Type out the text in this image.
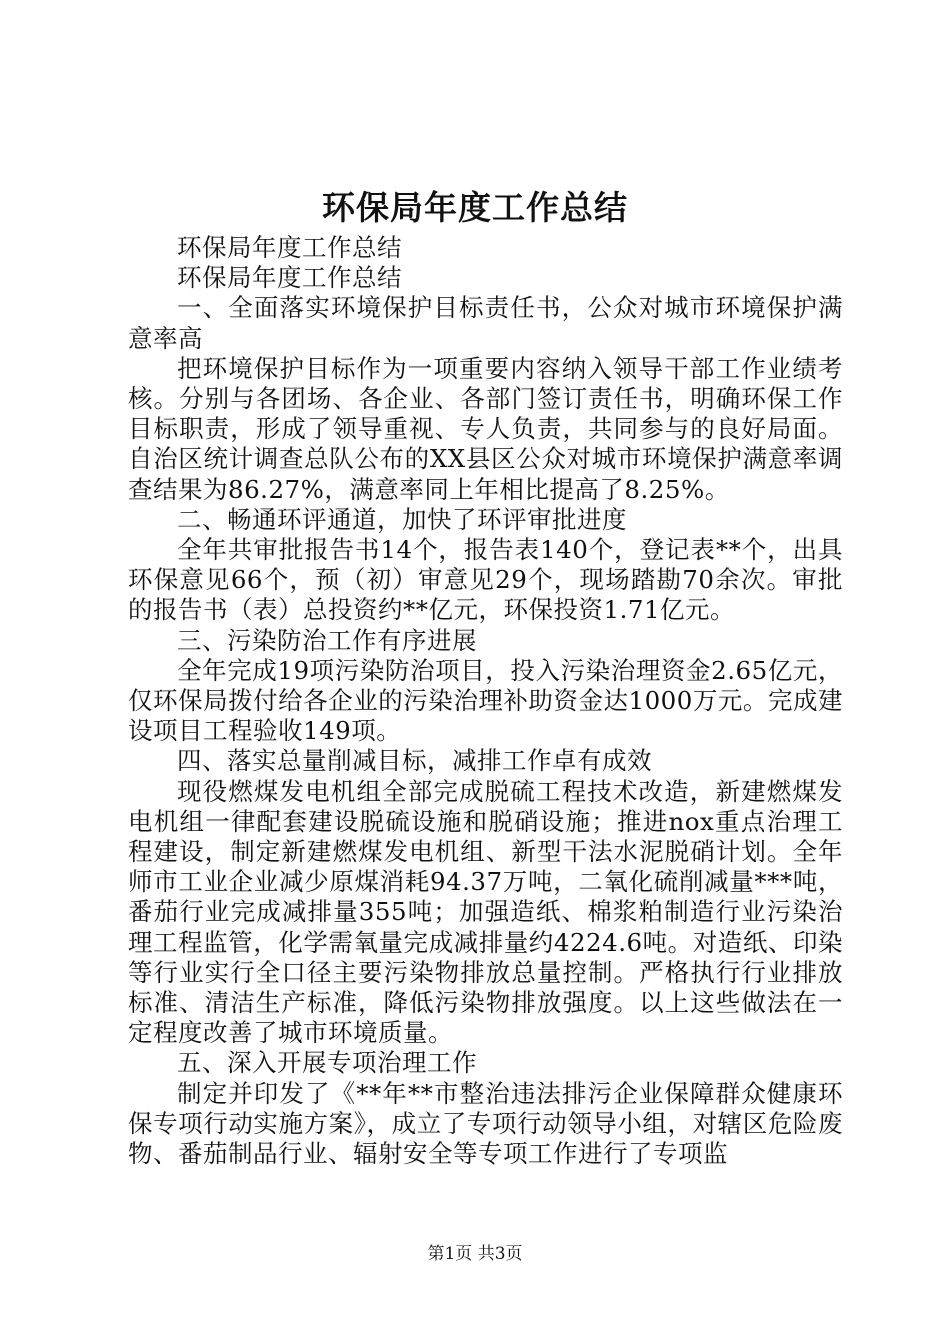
环保局年度工作总结

环保局年度工作总结

环保局年度工作总结

一、全面落实环境保护目标责任书，公众对城市环境保护满意率高

把环境保护目标作为一项重要内容纳入领导干部工作业绩考核。分别与各团场、各企业、各部门签订责任书，明确环保工作目标职责，形成了领导重视、专人负责，共同参与的良好局面。自治区统计调查总队公布的XX县区公众对城市环境保护满意率调查结果为86.27%，满意率同上年相比提高了8.25%。

二、畅通环评通道，加快了环评审批进度

全年共审批报告书14个，报告表140个，登记表**个，出具环保意见66个，预（初）审意见29个，现场踏勘70余次。审批的报告书（表）总投资约**亿元，环保投资1.71亿元。

三、污染防治工作有序进展

全年完成19项污染防治项目，投入污染治理资金2.65亿元，仅环保局拨付给各企业的污染治理补助资金达1000万元。完成建设项目工程验收149项。

四、落实总量削减目标，减排工作卓有成效

现役燃煤发电机组全部完成脱硫工程技术改造，新建燃煤发电机组一律配套建设脱硫设施和脱硝设施；推进nox重点治理工程建设，制定新建燃煤发电机组、新型干法水泥脱硝计划。全年师市工业企业减少原煤消耗94.37万吨，二氧化硫削减量***吨，番茄行业完成减排量355吨；加强造纸、棉浆粕制造行业污染治理工程监管，化学需氧量完成减排量约4224.6吨。对造纸、印染等行业实行全口径主要污染物排放总量控制。严格执行行业排放标准、清洁生产标准，降低污染物排放强度。以上这些做法在一定程度改善了城市环境质量。

五、深入开展专项治理工作

制定并印发了《**年**市整治违法排污企业保障群众健康环保专项行动实施方案》，成立了专项行动领导小组，对辖区危险废物、番茄制品行业、辐射安全等专项工作进行了专项监

第1页 共3页
